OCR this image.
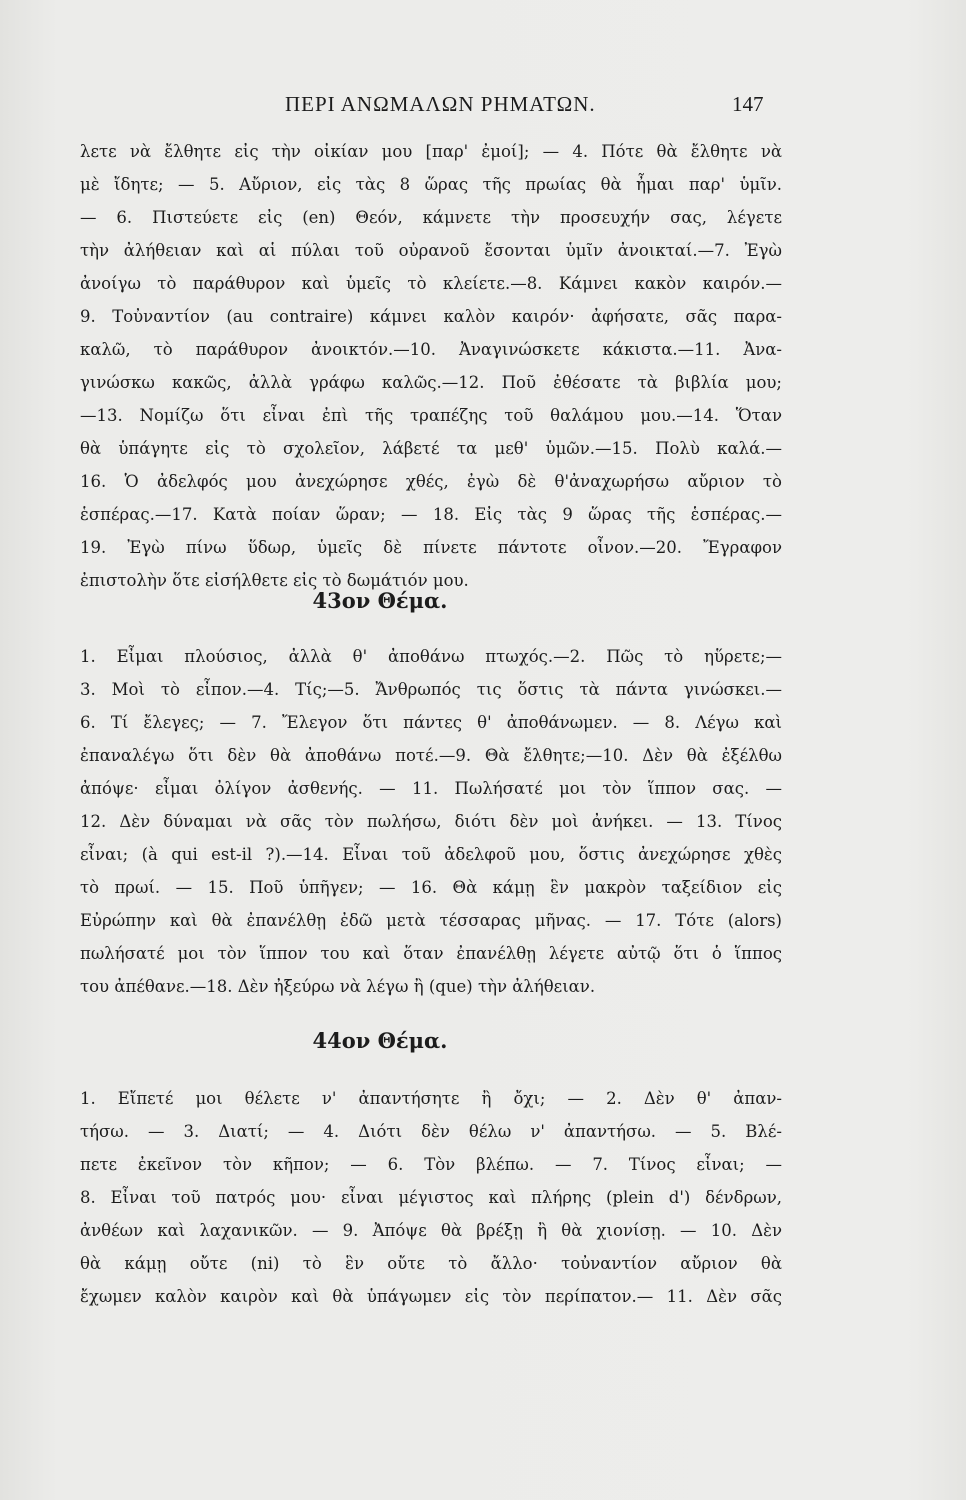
ΠΕΡΙ ΑΝΩΜΑΛΩΝ ΡΗΜΑΤΩΝ.	147
λετε νὰ ἔλθητε εἰς τὴν οἰκίαν μου [παρ' ἐμοί]; — 4. Πότε θὰ ἔλθητε νὰ
μὲ ἴδητε; — 5. Αὔριον, εἰς τὰς 8 ὥρας τῆς πρωίας θὰ ἦμαι παρ' ὑμῖν.
— 6. Πιστεύετε εἰς (en) Θεόν, κάμνετε τὴν προσευχήν σας, λέγετε
τὴν ἀλήθειαν καὶ αἱ πύλαι τοῦ οὐρανοῦ ἔσονται ὑμῖν ἀνοικταί.—7. Ἐγὼ
ἀνοίγω τὸ παράθυρον καὶ ὑμεῖς τὸ κλείετε.—8. Κάμνει κακὸν καιρόν.—
9. Τοὐναντίον (au contraire) κάμνει καλὸν καιρόν· ἀφήσατε, σᾶς παρα-
καλῶ, τὸ παράθυρον ἀνοικτόν.—10. Ἀναγινώσκετε κάκιστα.—11. Ἀνα-
γινώσκω κακῶς, ἀλλὰ γράφω καλῶς.—12. Ποῦ ἐθέσατε τὰ βιβλία μου;
—13. Νομίζω ὅτι εἶναι ἐπὶ τῆς τραπέζης τοῦ θαλάμου μου.—14. Ὅταν
θὰ ὑπάγητε εἰς τὸ σχολεῖον, λάβετέ τα μεθ' ὑμῶν.—15. Πολὺ καλά.—
16. Ὁ ἀδελφός μου ἀνεχώρησε χθές, ἐγὼ δὲ θ'ἀναχωρήσω αὔριον τὸ
ἑσπέρας.—17. Κατὰ ποίαν ὥραν; — 18. Εἰς τὰς 9 ὥρας τῆς ἑσπέρας.—
19. Ἐγὼ πίνω ὕδωρ, ὑμεῖς δὲ πίνετε πάντοτε οἶνον.—20. Ἔγραφον
ἐπιστολὴν ὅτε εἰσήλθετε εἰς τὸ δωμάτιόν μου.
43ον Θέμα.
1. Εἶμαι πλούσιος, ἀλλὰ θ' ἀποθάνω πτωχός.—2. Πῶς τὸ ηὕρετε;—
3. Μοὶ τὸ εἶπον.—4. Τίς;—5. Ἄνθρωπός τις ὅστις τὰ πάντα γινώσκει.—
6. Τί ἔλεγες; — 7. Ἔλεγον ὅτι πάντες θ' ἀποθάνωμεν. — 8. Λέγω καὶ
ἐπαναλέγω ὅτι δὲν θὰ ἀποθάνω ποτέ.—9. Θὰ ἔλθητε;—10. Δὲν θὰ ἐξέλθω
ἀπόψε· εἶμαι ὀλίγον ἀσθενής. — 11. Πωλήσατέ μοι τὸν ἵππον σας. —
12. Δὲν δύναμαι νὰ σᾶς τὸν πωλήσω, διότι δὲν μοὶ ἀνήκει. — 13. Τίνος
εἶναι; (à qui est-il ?).—14. Εἶναι τοῦ ἀδελφοῦ μου, ὅστις ἀνεχώρησε χθὲς
τὸ πρωί. — 15. Ποῦ ὑπῆγεν; — 16. Θὰ κάμῃ ἓν μακρὸν ταξείδιον εἰς
Εὐρώπην καὶ θὰ ἐπανέλθῃ ἐδῶ μετὰ τέσσαρας μῆνας. — 17. Τότε (alors)
πωλήσατέ μοι τὸν ἵππον του καὶ ὅταν ἐπανέλθῃ λέγετε αὐτῷ ὅτι ὁ ἵππος
του ἀπέθανε.—18. Δὲν ἠξεύρω νὰ λέγω ἢ (que) τὴν ἀλήθειαν.
44ον Θέμα.
1. Εἴπετέ μοι θέλετε ν' ἀπαντήσητε ἢ ὄχι; — 2. Δὲν θ' ἀπαν-
τήσω. — 3. Διατί; — 4. Διότι δὲν θέλω ν' ἀπαντήσω. — 5. Βλέ-
πετε ἐκεῖνον τὸν κῆπον; — 6. Τὸν βλέπω. — 7. Τίνος εἶναι; —
8. Εἶναι τοῦ πατρός μου· εἶναι μέγιστος καὶ πλήρης (plein d') δένδρων,
ἀνθέων καὶ λαχανικῶν. — 9. Ἀπόψε θὰ βρέξῃ ἢ θὰ χιονίσῃ. — 10. Δὲν
θὰ κάμῃ οὔτε (ni) τὸ ἓν οὔτε τὸ ἄλλο· τοὐναντίον αὔριον θὰ
ἔχωμεν καλὸν καιρὸν καὶ θὰ ὑπάγωμεν εἰς τὸν περίπατον.— 11. Δὲν σᾶς
